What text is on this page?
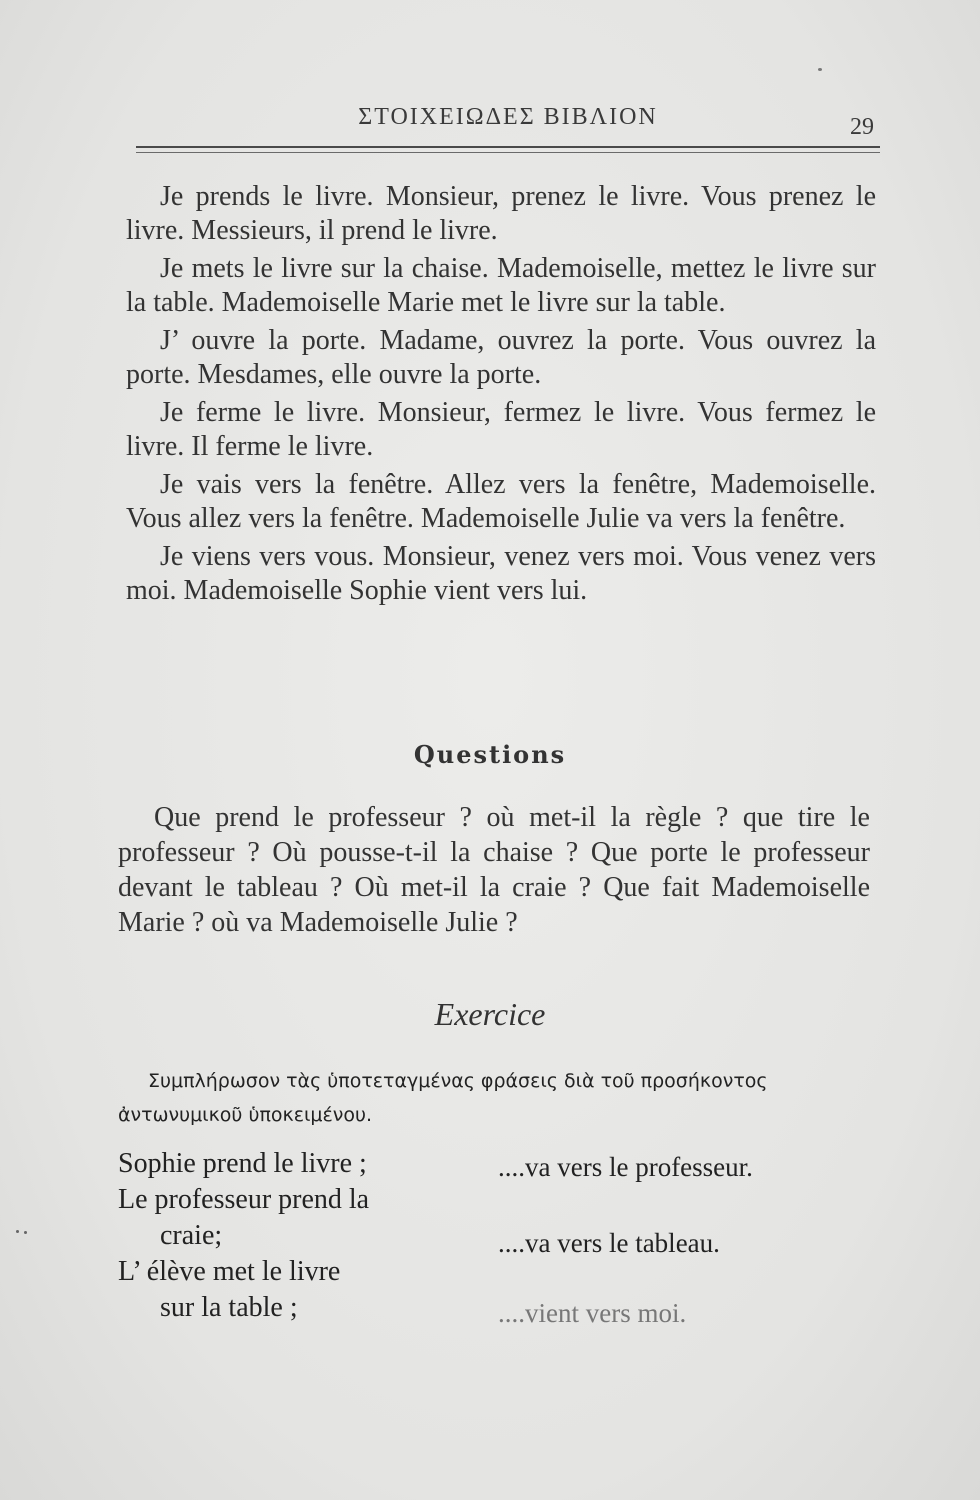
ΣΤΟΙΧΕΙΩΔΕΣ ΒΙΒΛΙΟΝ	29

Je prends le livre. Monsieur, prenez le livre. Vous prenez le livre. Messieurs, il prend le livre.

Je mets le livre sur la chaise. Mademoiselle, mettez le livre sur la table. Mademoiselle Marie met le livre sur la table.

J’ ouvre la porte. Madame, ouvrez la porte. Vous ouvrez la porte. Mesdames, elle ouvre la porte.

Je ferme le livre. Monsieur, fermez le livre. Vous fermez le livre. Il ferme le livre.

Je vais vers la fenêtre. Allez vers la fenêtre, Mademoiselle. Vous allez vers la fenêtre. Mademoiselle Julie va vers la fenêtre.

Je viens vers vous. Monsieur, venez vers moi. Vous venez vers moi. Mademoiselle Sophie vient vers lui.

Questions

Que prend le professeur ? où met-il la règle ? que tire le professeur ? Où pousse-t-il la chaise ? Que porte le professeur devant le tableau ? Où met-il la craie ? Que fait Mademoiselle Marie ? où va Mademoiselle Julie ?

Exercice

Συμπλήρωσον τὰς ὑποτεταγμένας φράσεις διὰ τοῦ προσήκοντος ἀντωνυμικοῦ ὑποκειμένου.

Sophie prend le livre ;
Le professeur prend la
craie;
L’ élève met le livre
sur la table ;
....va vers le professeur.
....va vers le tableau.
....vient vers moi.
